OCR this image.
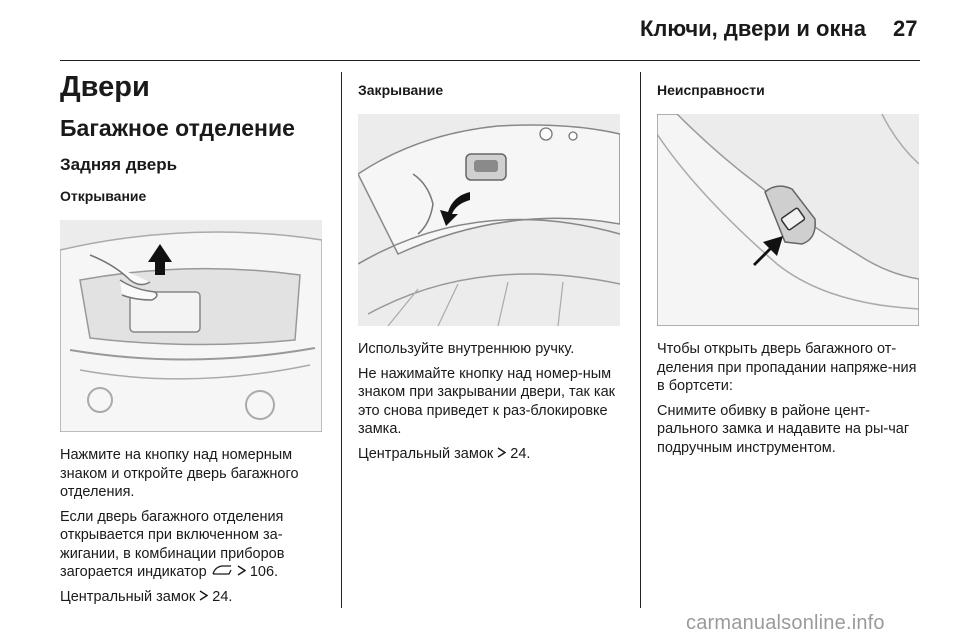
Ключи, двери и окна 27
Двери
Багажное отделение
Задняя дверь
Открывание

Нажмите на кнопку над номерным знаком и откройте дверь багажного отделения.

Если дверь багажного отделения открывается при включенном за-жигании, в комбинации приборов загорается индикатор	106.

Центральный замок  24.

Закрывание

Используйте внутреннюю ручку.

Не нажимайте кнопку над номер-ным знаком при закрывании двери, так как это снова приведет к раз-блокировке замка.

Центральный замок  24.

Неисправности

Чтобы открыть дверь багажного от-деления при пропадании напряже-ния в бортсети:

Снимите обивку в районе цент-рального замка и надавите на ры-чаг подручным инструментом.

carmanualsonline.info
